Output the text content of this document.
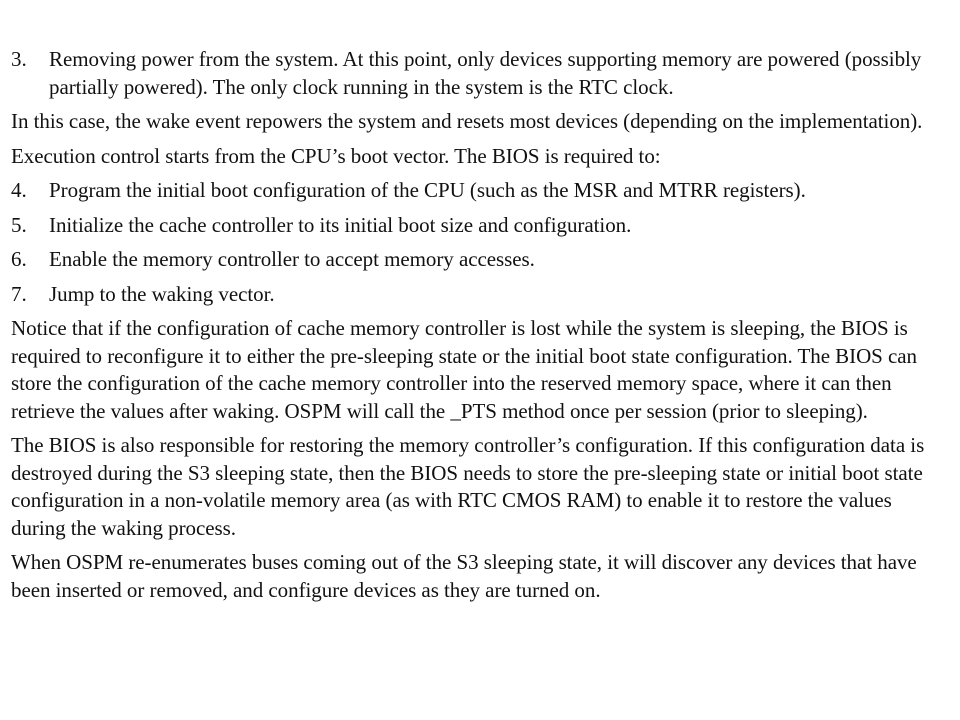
3.	Removing power from the system. At this point, only devices supporting memory are powered (possibly partially powered). The only clock running in the system is the RTC clock.

In this case, the wake event repowers the system and resets most devices (depending on the implementation).

Execution control starts from the CPU’s boot vector. The BIOS is required to:

4.	Program the initial boot configuration of the CPU (such as the MSR and MTRR registers).
5.	Initialize the cache controller to its initial boot size and configuration.
6.	Enable the memory controller to accept memory accesses.
7.	Jump to the waking vector.

Notice that if the configuration of cache memory controller is lost while the system is sleeping, the BIOS is required to reconfigure it to either the pre-sleeping state or the initial boot state configuration. The BIOS can store the configuration of the cache memory controller into the reserved memory space, where it can then retrieve the values after waking. OSPM will call the _PTS method once per session (prior to sleeping).

The BIOS is also responsible for restoring the memory controller’s configuration. If this configuration data is destroyed during the S3 sleeping state, then the BIOS needs to store the pre-sleeping state or initial boot state configuration in a non-volatile memory area (as with RTC CMOS RAM) to enable it to restore the values during the waking process.

When OSPM re-enumerates buses coming out of the S3 sleeping state, it will discover any devices that have been inserted or removed, and configure devices as they are turned on.
